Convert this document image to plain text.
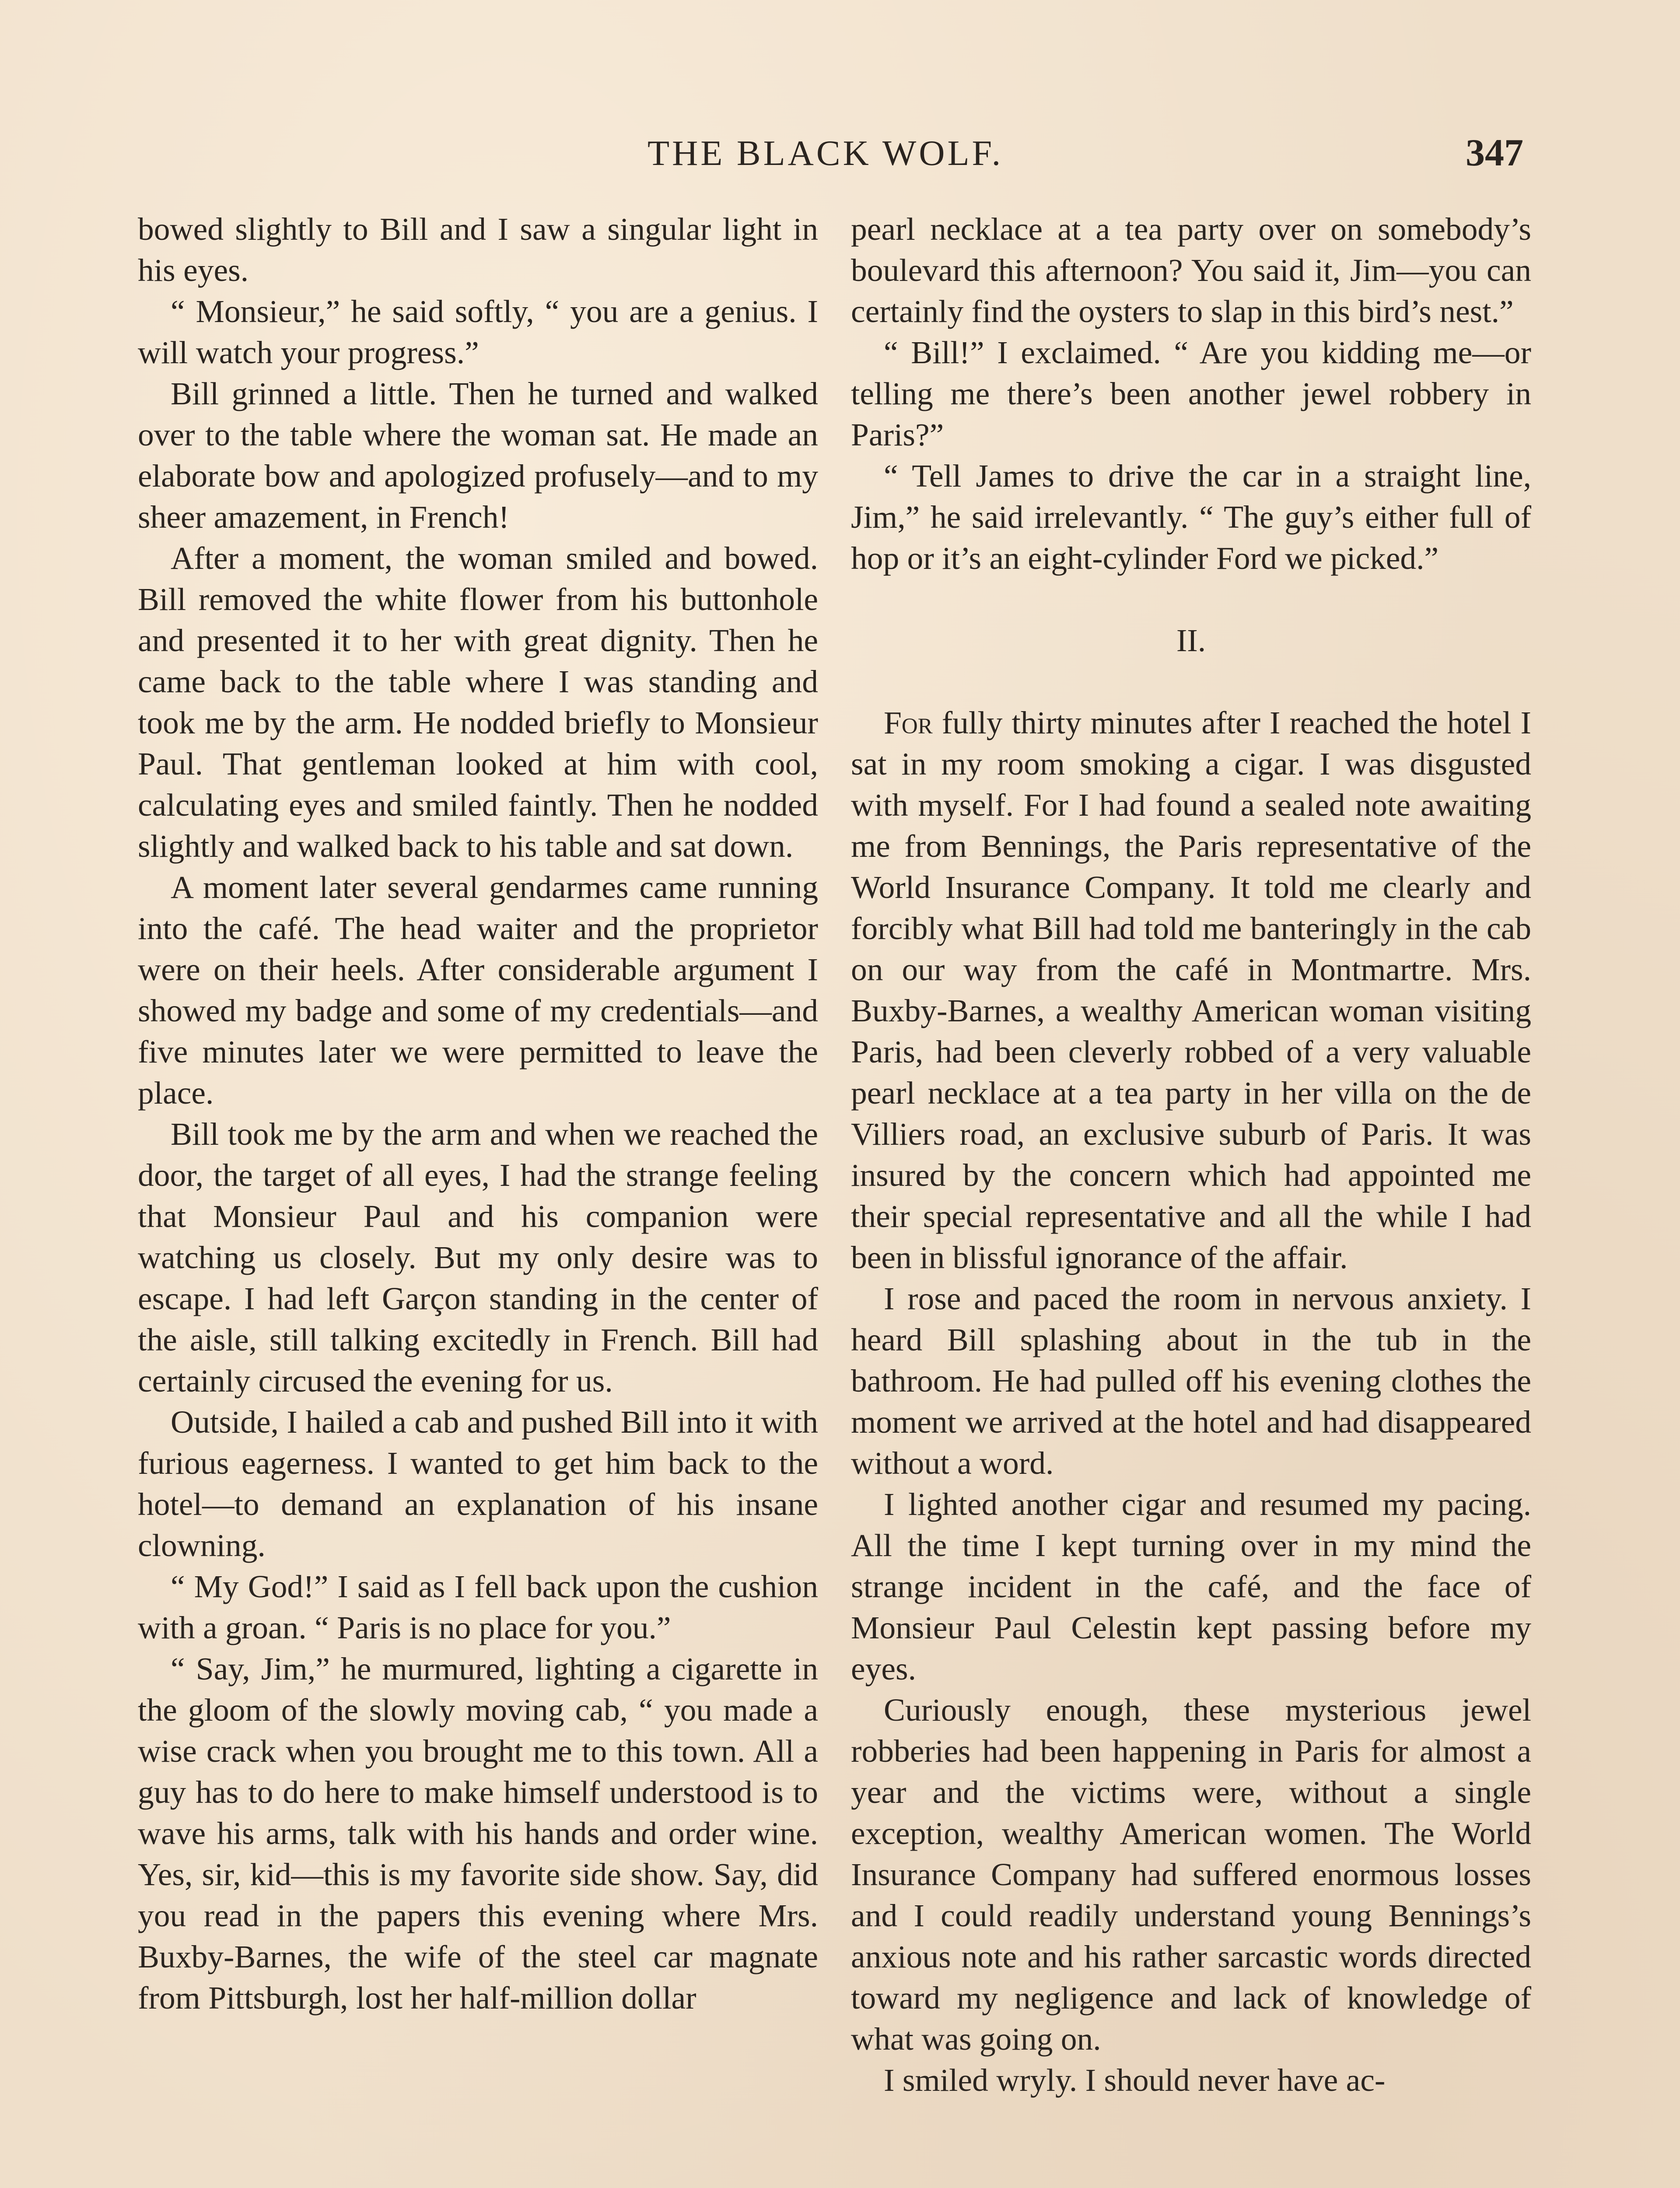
THE BLACK WOLF.	347

bowed slightly to Bill and I saw a singular light in his eyes.

“ Monsieur,” he said softly, “ you are a genius. I will watch your progress.”

Bill grinned a little. Then he turned and walked over to the table where the woman sat. He made an elaborate bow and apologized profusely—and to my sheer amazement, in French!

After a moment, the woman smiled and bowed. Bill removed the white flower from his buttonhole and presented it to her with great dignity. Then he came back to the table where I was standing and took me by the arm. He nodded briefly to Monsieur Paul. That gentleman looked at him with cool, calculating eyes and smiled faintly. Then he nodded slightly and walked back to his table and sat down.

A moment later several gendarmes came running into the café. The head waiter and the proprietor were on their heels. After considerable argument I showed my badge and some of my credentials—and five minutes later we were permitted to leave the place.

Bill took me by the arm and when we reached the door, the target of all eyes, I had the strange feeling that Monsieur Paul and his companion were watching us closely. But my only desire was to escape. I had left Garçon standing in the center of the aisle, still talking excitedly in French. Bill had certainly circused the evening for us.

Outside, I hailed a cab and pushed Bill into it with furious eagerness. I wanted to get him back to the hotel—to demand an explanation of his insane clowning.

“ My God!” I said as I fell back upon the cushion with a groan. “ Paris is no place for you.”

“ Say, Jim,” he murmured, lighting a cigarette in the gloom of the slowly moving cab, “ you made a wise crack when you brought me to this town. All a guy has to do here to make himself understood is to wave his arms, talk with his hands and order wine. Yes, sir, kid—this is my favorite side show. Say, did you read in the papers this evening where Mrs. Buxby-Barnes, the wife of the steel car magnate from Pittsburgh, lost her half-million dollar

pearl necklace at a tea party over on somebody’s boulevard this afternoon? You said it, Jim—you can certainly find the oysters to slap in this bird’s nest.”

“ Bill!” I exclaimed. “ Are you kidding me—or telling me there’s been another jewel robbery in Paris?”

“ Tell James to drive the car in a straight line, Jim,” he said irrelevantly. “ The guy’s either full of hop or it’s an eight-cylinder Ford we picked.”

II.

For fully thirty minutes after I reached the hotel I sat in my room smoking a cigar. I was disgusted with myself. For I had found a sealed note awaiting me from Bennings, the Paris representative of the World Insurance Company. It told me clearly and forcibly what Bill had told me banteringly in the cab on our way from the café in Montmartre. Mrs. Buxby-Barnes, a wealthy American woman visiting Paris, had been cleverly robbed of a very valuable pearl necklace at a tea party in her villa on the de Villiers road, an exclusive suburb of Paris. It was insured by the concern which had appointed me their special representative and all the while I had been in blissful ignorance of the affair.

I rose and paced the room in nervous anxiety. I heard Bill splashing about in the tub in the bathroom. He had pulled off his evening clothes the moment we arrived at the hotel and had disappeared without a word.

I lighted another cigar and resumed my pacing. All the time I kept turning over in my mind the strange incident in the café, and the face of Monsieur Paul Celestin kept passing before my eyes.

Curiously enough, these mysterious jewel robberies had been happening in Paris for almost a year and the victims were, without a single exception, wealthy American women. The World Insurance Company had suffered enormous losses and I could readily understand young Bennings’s anxious note and his rather sarcastic words directed toward my negligence and lack of knowledge of what was going on.

I smiled wryly. I should never have ac-
